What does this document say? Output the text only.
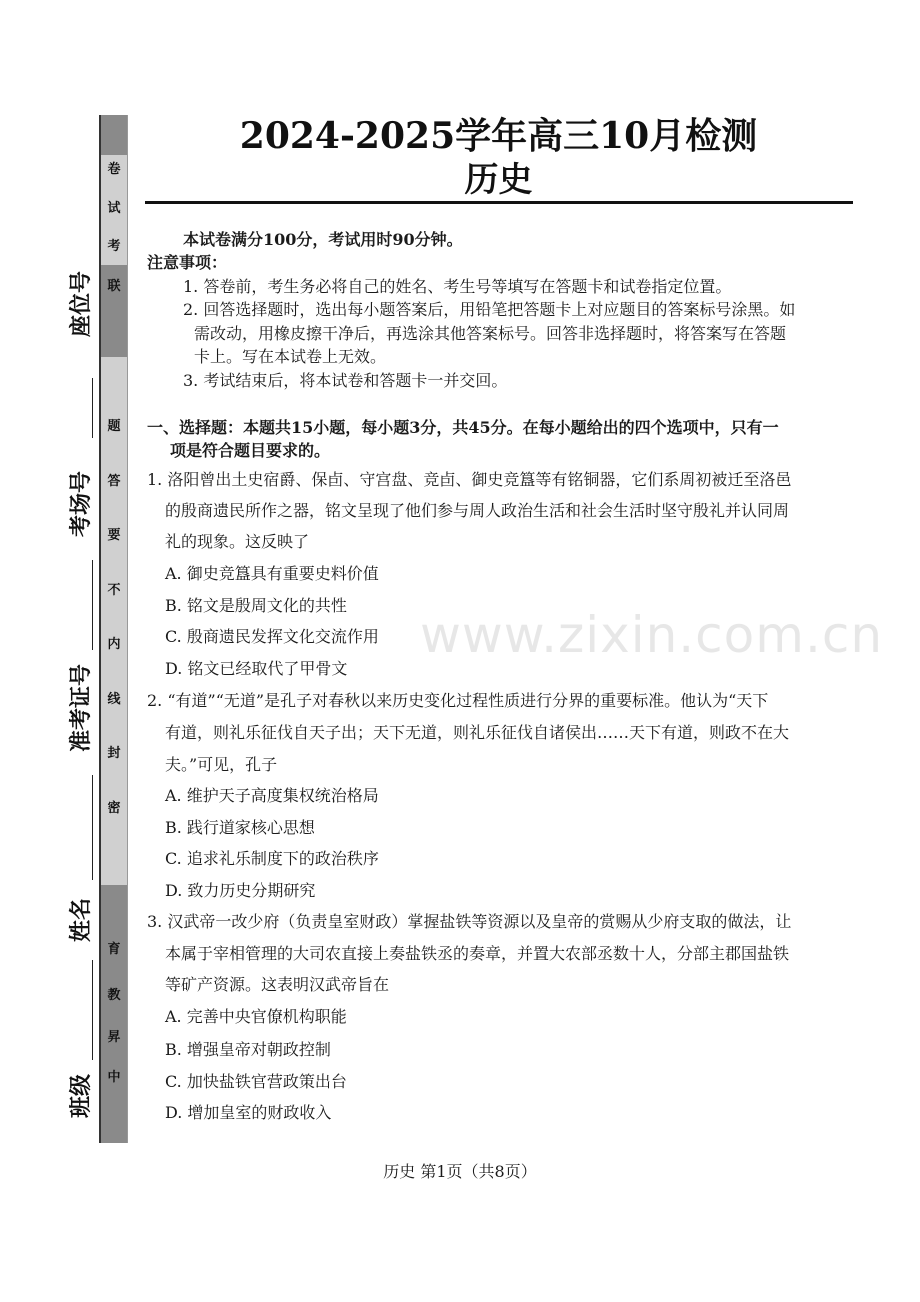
卷
试
考
联
题
答
要
不
内
线
封
密
育
教
昇
中
座位号
考场号
准考证号
姓名
班级
2024-2025学年高三10月检测
历史
本试卷满分100分，考试用时90分钟。
注意事项：
1. 答卷前，考生务必将自己的姓名、考生号等填写在答题卡和试卷指定位置。
2. 回答选择题时，选出每小题答案后，用铅笔把答题卡上对应题目的答案标号涂黑。如
需改动，用橡皮擦干净后，再选涂其他答案标号。回答非选择题时，将答案写在答题
卡上。写在本试卷上无效。
3. 考试结束后，将本试卷和答题卡一并交回。
一、选择题：本题共15小题，每小题3分，共45分。在每小题给出的四个选项中，只有一
项是符合题目要求的。
1. 洛阳曾出土史宿爵、保卣、守宫盘、竞卣、御史竞簋等有铭铜器，它们系周初被迁至洛邑
的殷商遗民所作之器，铭文呈现了他们参与周人政治生活和社会生活时坚守殷礼并认同周
礼的现象。这反映了
A. 御史竞簋具有重要史料价值
B. 铭文是殷周文化的共性
C. 殷商遗民发挥文化交流作用
D. 铭文已经取代了甲骨文
2. “有道”“无道”是孔子对春秋以来历史变化过程性质进行分界的重要标准。他认为“天下
有道，则礼乐征伐自天子出；天下无道，则礼乐征伐自诸侯出……天下有道，则政不在大
夫。”可见，孔子
A. 维护天子高度集权统治格局
B. 践行道家核心思想
C. 追求礼乐制度下的政治秩序
D. 致力历史分期研究
3. 汉武帝一改少府（负责皇室财政）掌握盐铁等资源以及皇帝的赏赐从少府支取的做法，让
本属于宰相管理的大司农直接上奏盐铁丞的奏章，并置大农部丞数十人，分部主郡国盐铁
等矿产资源。这表明汉武帝旨在
A. 完善中央官僚机构职能
B. 增强皇帝对朝政控制
C. 加快盐铁官营政策出台
D. 增加皇室的财政收入
www.zixin.com.cn
历史 第1页（共8页）
